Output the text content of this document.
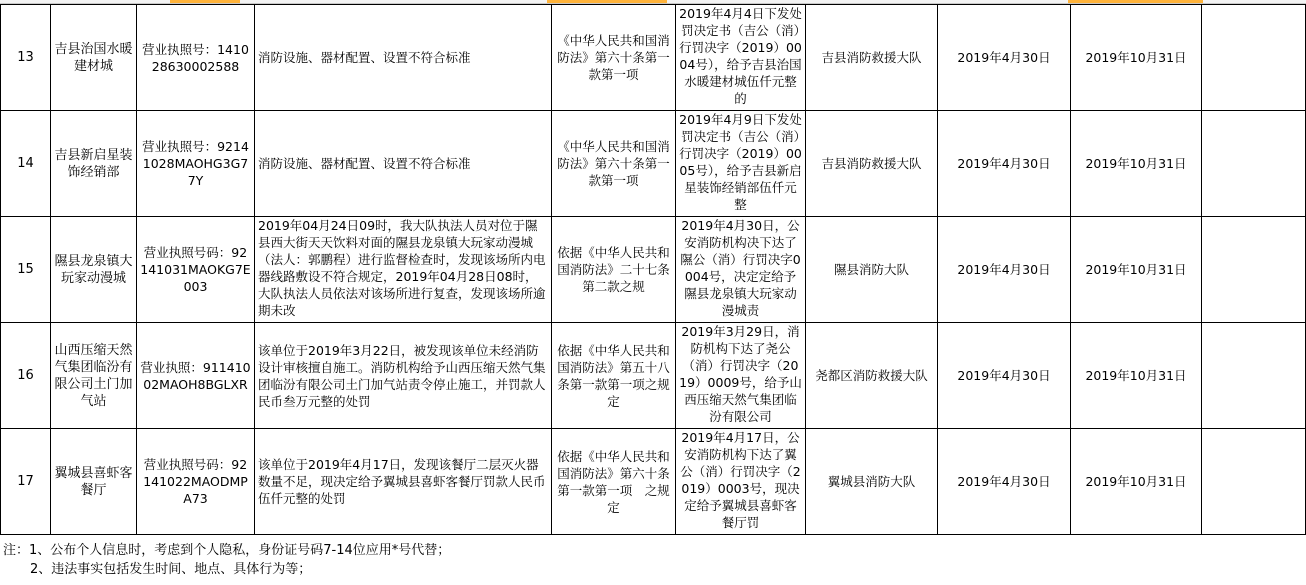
13	吉县治国水暖建材城	营业执照号：141028630002588	消防设施、器材配置、设置不符合标准	《中华人民共和国消防法》第六十条第一款第一项	2019年4月4日下发处罚决定书（吉公（消）行罚决字（2019）0004号），给予吉县治国水暖建材城伍仟元整的	吉县消防救援大队	2019年4月30日	2019年10月31日	

14	吉县新启星装饰经销部	营业执照号：92141028MAOHG3G77Y	消防设施、器材配置、设置不符合标准	《中华人民共和国消防法》第六十条第一款第一项	2019年4月9日下发处罚决定书（吉公（消）行罚决字（2019）0005号），给予吉县新启星装饰经销部伍仟元整	吉县消防救援大队	2019年4月30日	2019年10月31日	

15	隰县龙泉镇大玩家动漫城	营业执照号码：92141031MAOKG7E003	2019年04月24日09时，我大队执法人员对位于隰县西大街天天饮料对面的隰县龙泉镇大玩家动漫城（法人：郭鹏程）进行监督检查时，发现该场所内电器线路敷设不符合规定，2019年04月28日08时，大队执法人员依法对该场所进行复查，发现该场所逾期未改	依据《中华人民共和国消防法》二十七条第二款之规	2019年4月30日，公安消防机构决下达了隰公（消）行罚决字0004号，决定定给予隰县龙泉镇大玩家动漫城责	隰县消防大队	2019年4月30日	2019年10月31日	

16	山西压缩天然气集团临汾有限公司土门加气站	营业执照：91141002MAOH8BGLXR	该单位于2019年3月22日，被发现该单位未经消防设计审核擅自施工。消防机构给予山西压缩天然气集团临汾有限公司土门加气站责令停止施工，并罚款人民币叁万元整的处罚	依据《中华人民共和国消防法》第五十八条第一款第一项之规定	2019年3月29日，消防机构下达了尧公（消）行罚决字（2019）0009号，给予山西压缩天然气集团临汾有限公司	尧都区消防救援大队	2019年4月30日	2019年10月31日	

17	翼城县喜虾客餐厅	营业执照号码：92141022MAODMPA73	该单位于2019年4月17日，发现该餐厅二层灭火器数量不足，现决定给予翼城县喜虾客餐厅罚款人民币伍仟元整的处罚	依据《中华人民共和国消防法》第六十条第一款第一项　之规定	2019年4月17日，公安消防机构下达了翼公（消）行罚决字（2019）0003号，现决定给予翼城县喜虾客餐厅罚	翼城县消防大队	2019年4月30日	2019年10月31日	

注：1、公布个人信息时，考虑到个人隐私，身份证号码7-14位应用*号代替；
2、违法事实包括发生时间、地点、具体行为等；
